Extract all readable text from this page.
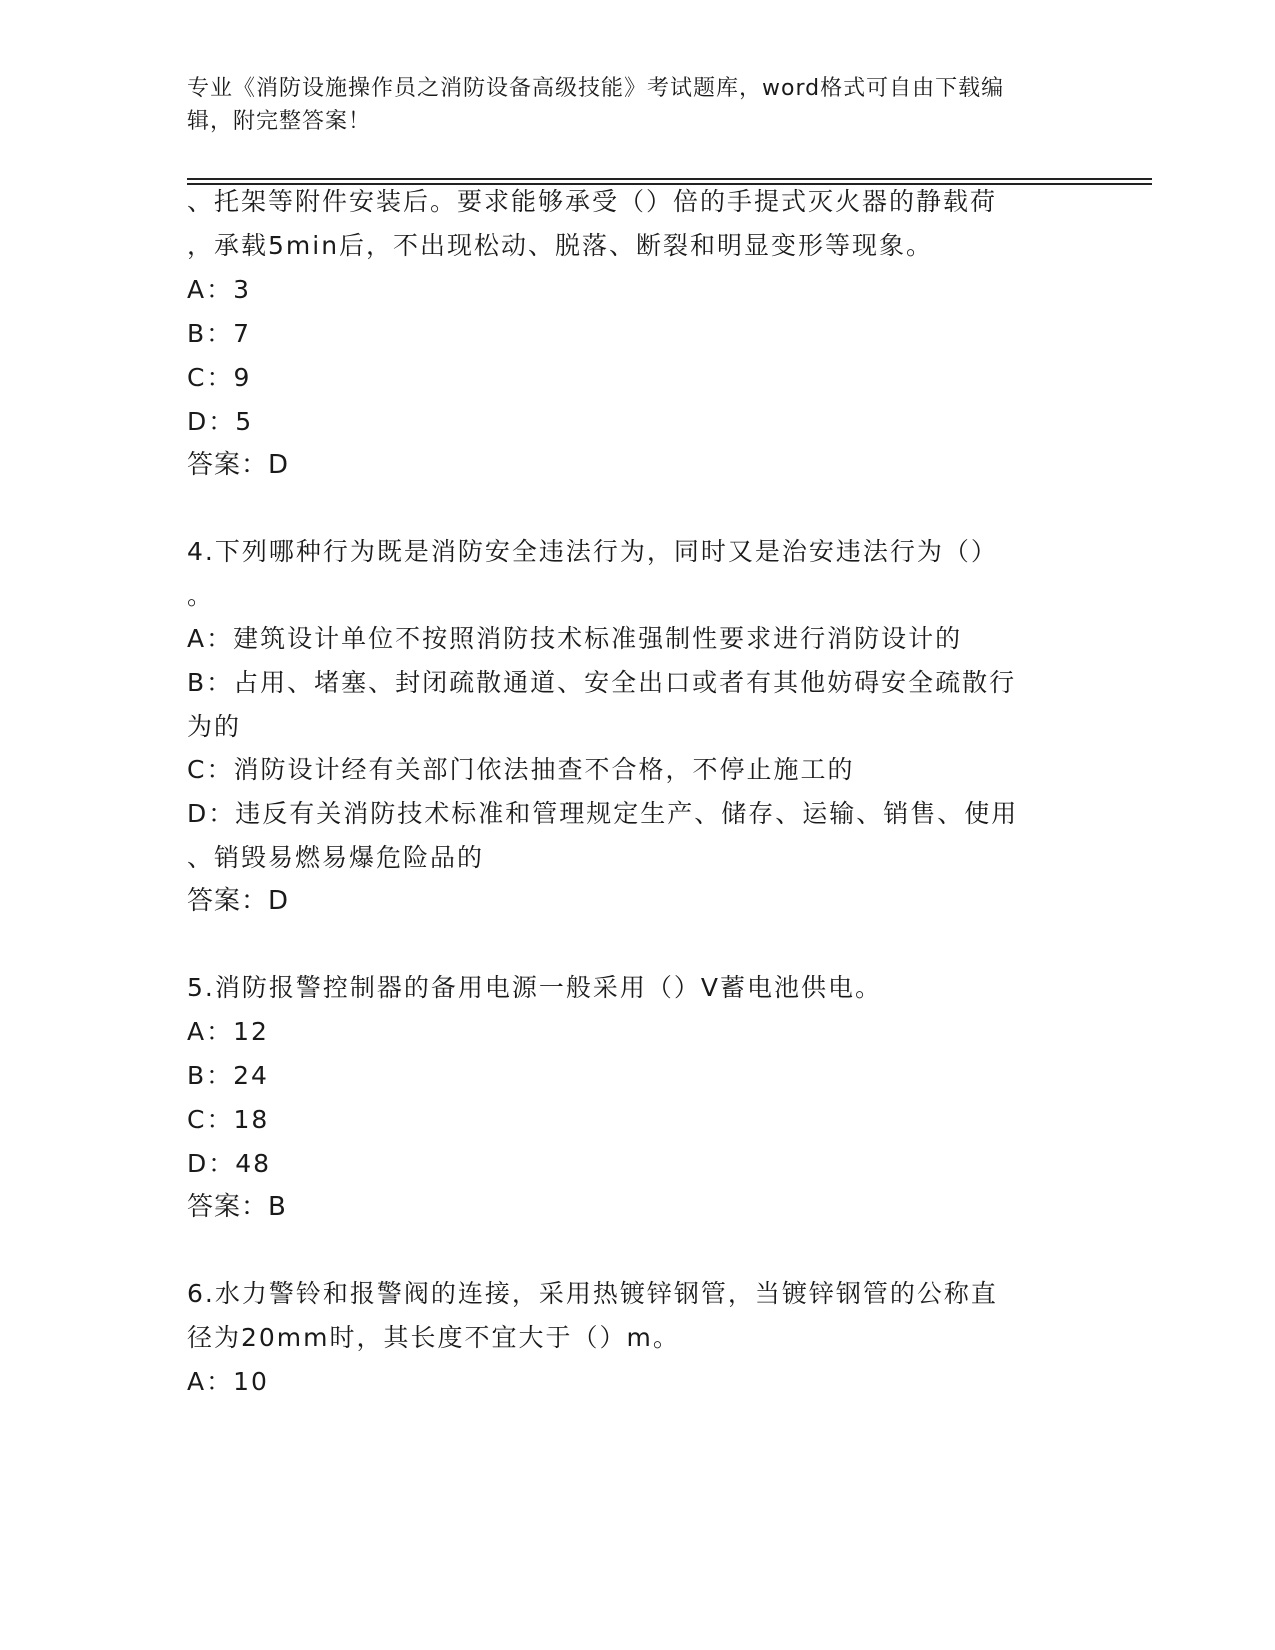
专业《消防设施操作员之消防设备高级技能》考试题库，word格式可自由下载编
辑，附完整答案！
、托架等附件安装后。要求能够承受（）倍的手提式灭火器的静载荷
，承载5min后，不出现松动、脱落、断裂和明显变形等现象。
A：3
B：7
C：9
D：5
答案：D
4.下列哪种行为既是消防安全违法行为，同时又是治安违法行为（）
。
A：建筑设计单位不按照消防技术标准强制性要求进行消防设计的
B：占用、堵塞、封闭疏散通道、安全出口或者有其他妨碍安全疏散行
为的
C：消防设计经有关部门依法抽查不合格，不停止施工的
D：违反有关消防技术标准和管理规定生产、储存、运输、销售、使用
、销毁易燃易爆危险品的
答案：D
5.消防报警控制器的备用电源一般采用（）V蓄电池供电。
A：12
B：24
C：18
D：48
答案：B
6.水力警铃和报警阀的连接，采用热镀锌钢管，当镀锌钢管的公称直
径为20mm时，其长度不宜大于（）m。
A：10
